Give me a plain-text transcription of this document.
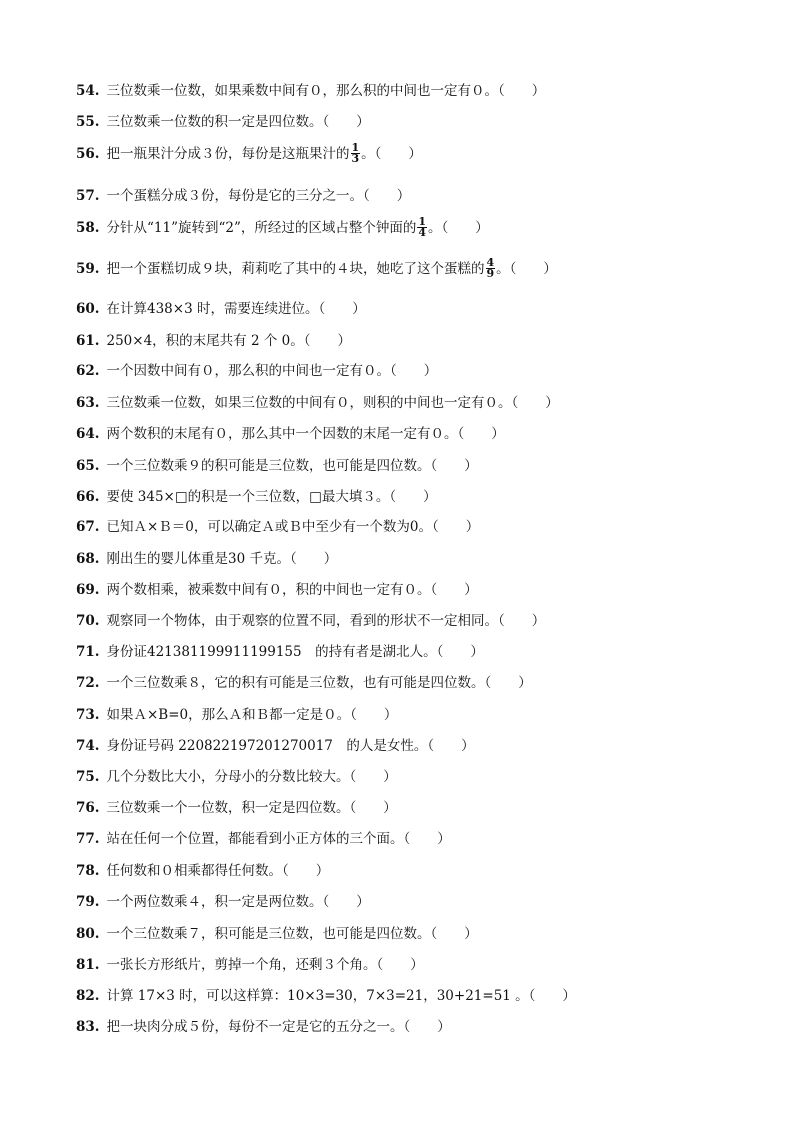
54. 三位数乘一位数，如果乘数中间有０，那么积的中间也一定有０。（　　）
55. 三位数乘一位数的积一定是四位数。（　　）
56. 把一瓶果汁分成３份，每份是这瓶果汁的 $\frac{1}{3}$ 。（　　）
57. 一个蛋糕分成３份，每份是它的三分之一。（　　）
58. 分针从“11”旋转到“2”，所经过的区域占整个钟面的 $\frac{1}{4}$ 。（　　）
59. 把一个蛋糕切成９块，莉莉吃了其中的４块，她吃了这个蛋糕的 $\frac{4}{9}$ 。（　　）
60. 在计算438×3 时，需要连续进位。（　　）
61. 250×4，积的末尾共有 2 个 0。（　　）
62. 一个因数中间有０，那么积的中间也一定有０。（　　）
63. 三位数乘一位数，如果三位数的中间有０，则积的中间也一定有０。（　　）
64. 两个数积的末尾有０，那么其中一个因数的末尾一定有０。（　　）
65. 一个三位数乘９的积可能是三位数，也可能是四位数。（　　）
66. 要使 345×□的积是一个三位数，□最大填３。（　　）
67. 已知Ａ×Ｂ＝0，可以确定Ａ或Ｂ中至少有一个数为0。（　　）
68. 刚出生的婴儿体重是30 千克。（　　）
69. 两个数相乘，被乘数中间有０，积的中间也一定有０。（　　）
70. 观察同一个物体，由于观察的位置不同，看到的形状不一定相同。（　　）
71. 身份证421381199911199155　的持有者是湖北人。（　　）
72. 一个三位数乘８，它的积有可能是三位数，也有可能是四位数。（　　）
73. 如果Ａ×B=0，那么Ａ和Ｂ都一定是０。（　　）
74. 身份证号码 220822197201270017　的人是女性。（　　）
75. 几个分数比大小，分母小的分数比较大。（　　）
76. 三位数乘一个一位数，积一定是四位数。（　　）
77. 站在任何一个位置，都能看到小正方体的三个面。（　　）
78. 任何数和０相乘都得任何数。（　　）
79. 一个两位数乘４，积一定是两位数。（　　）
80. 一个三位数乘７，积可能是三位数，也可能是四位数。（　　）
81. 一张长方形纸片，剪掉一个角，还剩３个角。（　　）
82. 计算 17×3 时，可以这样算：10×3=30，7×3=21，30+21=51 。（　　）
83. 把一块肉分成５份，每份不一定是它的五分之一。（　　）
